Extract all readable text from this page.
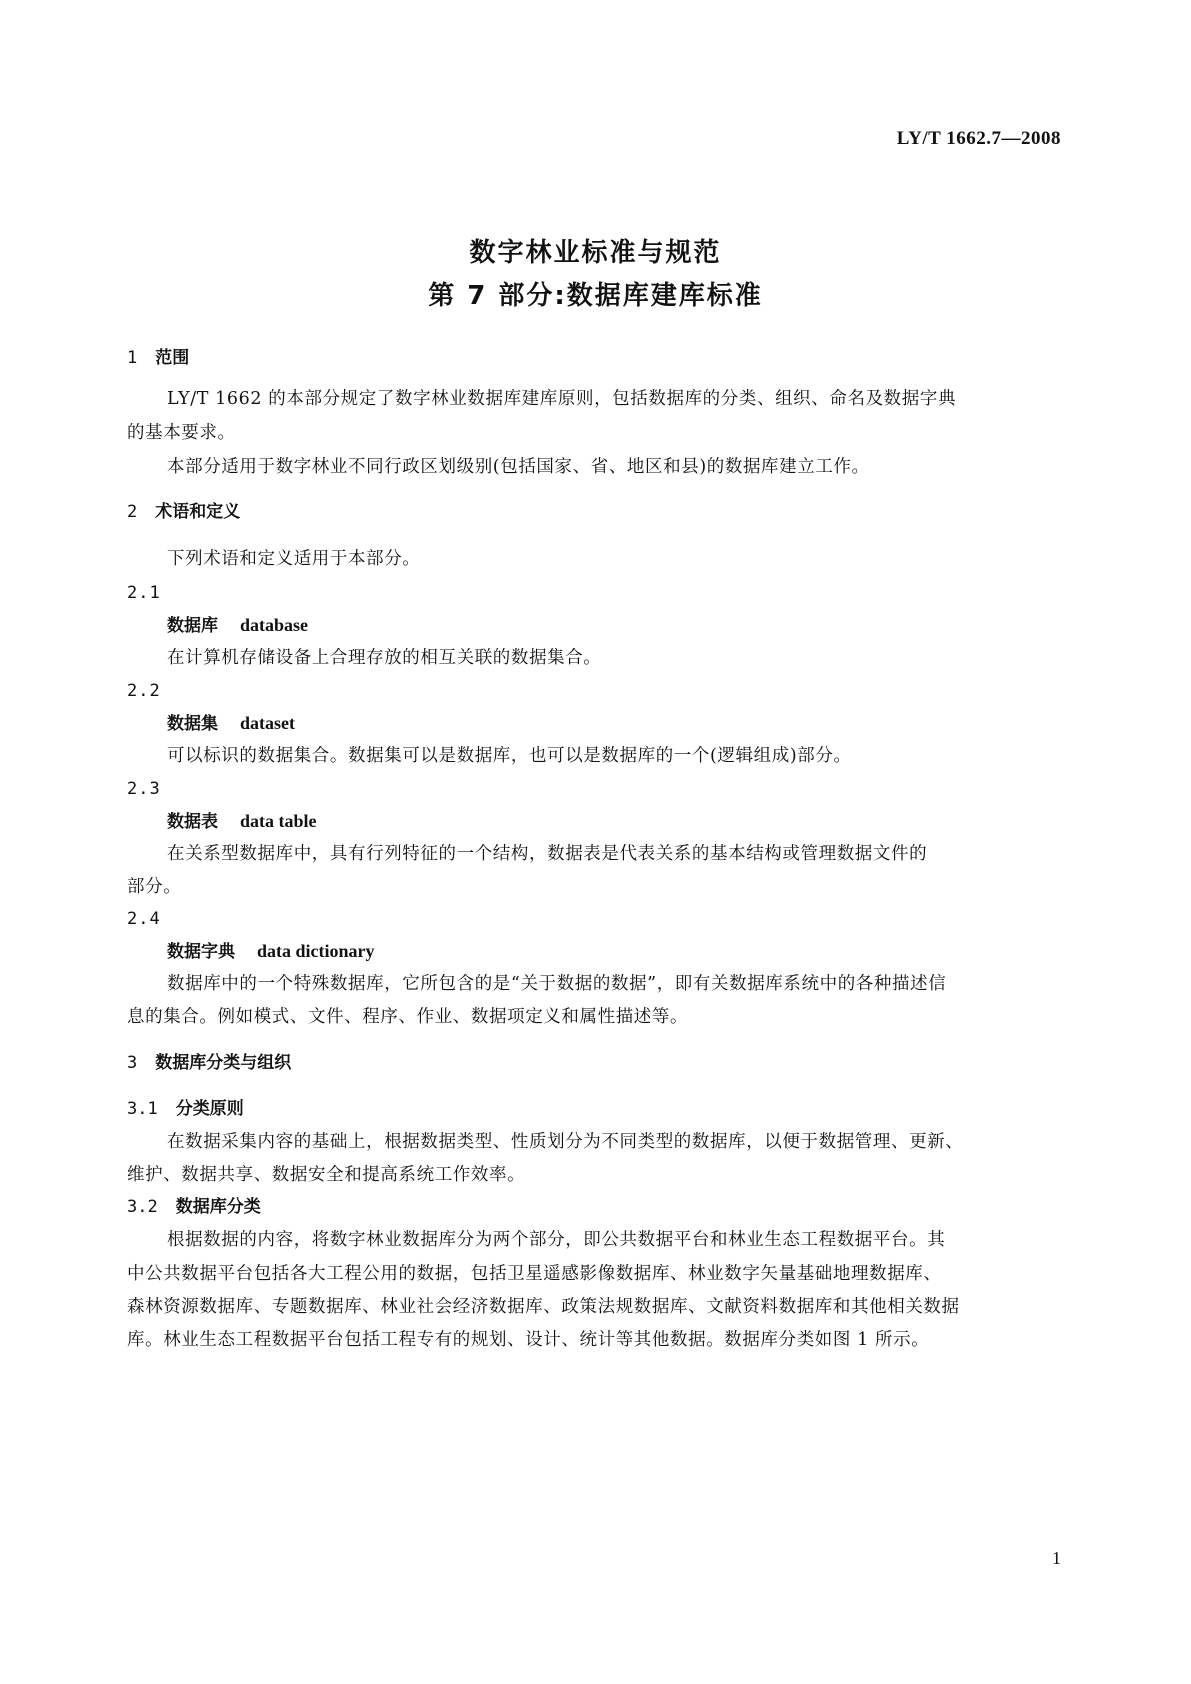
LY/T 1662.7—2008
数字林业标准与规范
第 7 部分:数据库建库标准
1 范围
LY/T 1662 的本部分规定了数字林业数据库建库原则，包括数据库的分类、组织、命名及数据字典
的基本要求。
本部分适用于数字林业不同行政区划级别(包括国家、省、地区和县)的数据库建立工作。
2 术语和定义
下列术语和定义适用于本部分。
2.1
数据库 database
在计算机存储设备上合理存放的相互关联的数据集合。
2.2
数据集 dataset
可以标识的数据集合。数据集可以是数据库，也可以是数据库的一个(逻辑组成)部分。
2.3
数据表 data table
在关系型数据库中，具有行列特征的一个结构，数据表是代表关系的基本结构或管理数据文件的
部分。
2.4
数据字典 data dictionary
数据库中的一个特殊数据库，它所包含的是“关于数据的数据”，即有关数据库系统中的各种描述信
息的集合。例如模式、文件、程序、作业、数据项定义和属性描述等。
3 数据库分类与组织
3.1 分类原则
在数据采集内容的基础上，根据数据类型、性质划分为不同类型的数据库，以便于数据管理、更新、
维护、数据共享、数据安全和提高系统工作效率。
3.2 数据库分类
根据数据的内容，将数字林业数据库分为两个部分，即公共数据平台和林业生态工程数据平台。其
中公共数据平台包括各大工程公用的数据，包括卫星遥感影像数据库、林业数字矢量基础地理数据库、
森林资源数据库、专题数据库、林业社会经济数据库、政策法规数据库、文献资料数据库和其他相关数据
库。林业生态工程数据平台包括工程专有的规划、设计、统计等其他数据。数据库分类如图 1 所示。
1
